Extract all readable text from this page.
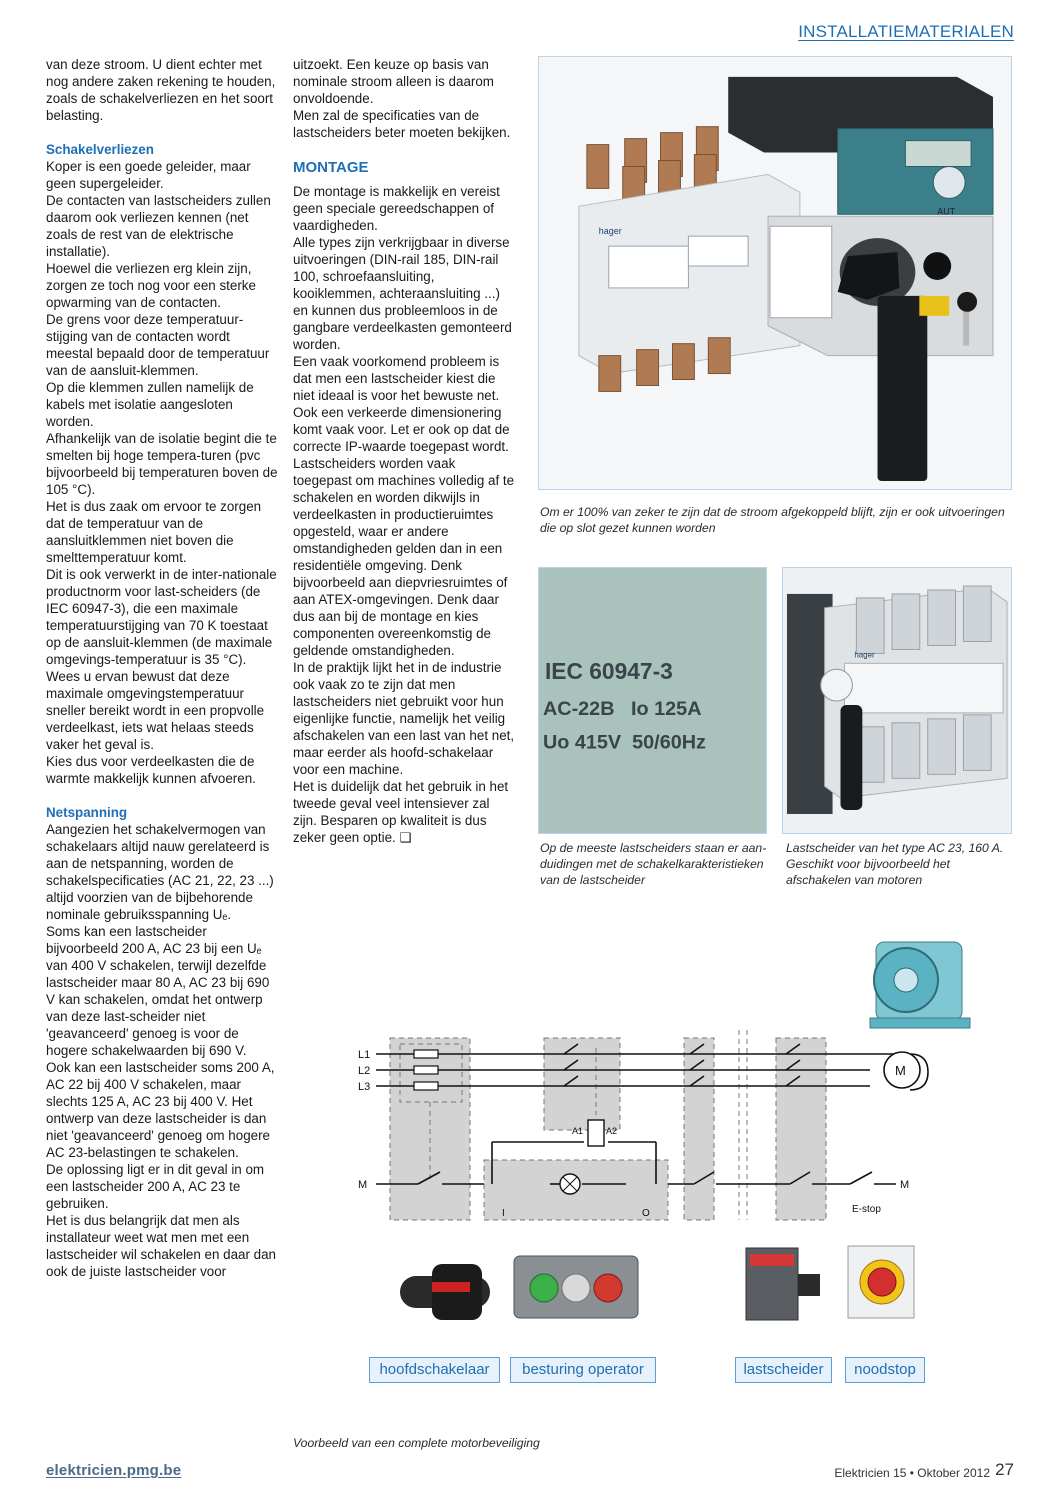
INSTALLATIEMATERIALEN

van deze stroom. U dient echter met nog andere zaken rekening te houden, zoals de schakelverliezen en het soort belasting.

Schakelverliezen

Koper is een goede geleider, maar geen supergeleider.

De contacten van lastscheiders zullen daarom ook verliezen kennen (net zoals de rest van de elektrische installatie).

Hoewel die verliezen erg klein zijn, zorgen ze toch nog voor een sterke opwarming van de contacten.

De grens voor deze temperatuur-stijging van de contacten wordt meestal bepaald door de temperatuur van de aansluit-klemmen.

Op die klemmen zullen namelijk de kabels met isolatie aangesloten worden.

Afhankelijk van de isolatie begint die te smelten bij hoge tempera-turen (pvc bijvoorbeeld bij temperaturen boven de 105 °C).

Het is dus zaak om ervoor te zorgen dat de temperatuur van de aansluitklemmen niet boven die smelttemperatuur komt.

Dit is ook verwerkt in de inter-nationale productnorm voor last-scheiders (de IEC 60947-3), die een maximale temperatuurstijging van 70 K toestaat op de aansluit-klemmen (de maximale omgevings-temperatuur is 35 °C).

Wees u ervan bewust dat deze maximale omgevingstemperatuur sneller bereikt wordt in een propvolle verdeelkast, iets wat helaas steeds vaker het geval is.

Kies dus voor verdeelkasten die de warmte makkelijk kunnen afvoeren.

Netspanning

Aangezien het schakelvermogen van schakelaars altijd nauw gerelateerd is aan de netspanning, worden de schakelspecificaties (AC 21, 22, 23 ...) altijd voorzien van de bijbehorende nominale gebruiksspanning Uₑ.

Soms kan een lastscheider bijvoorbeeld 200 A, AC 23 bij een Uₑ van 400 V schakelen, terwijl dezelfde lastscheider maar 80 A, AC 23 bij 690 V kan schakelen, omdat het ontwerp van deze last-scheider niet 'geavanceerd' genoeg is voor de hogere schakelwaarden bij 690 V.

Ook kan een lastscheider soms 200 A, AC 22 bij 400 V schakelen, maar slechts 125 A, AC 23 bij 400 V. Het ontwerp van deze lastscheider is dan niet 'geavanceerd' genoeg om hogere AC 23-belastingen te schakelen.

De oplossing ligt er in dit geval in om een lastscheider 200 A, AC 23 te gebruiken.

Het is dus belangrijk dat men als installateur weet wat men met een lastscheider wil schakelen en daar dan ook de juiste lastscheider voor

uitzoekt. Een keuze op basis van nominale stroom alleen is daarom onvoldoende.

Men zal de specificaties van de lastscheiders beter moeten bekijken.

MONTAGE

De montage is makkelijk en vereist geen speciale gereedschappen of vaardigheden.

Alle types zijn verkrijgbaar in diverse uitvoeringen (DIN-rail 185, DIN-rail 100, schroefaansluiting, kooiklemmen, achteraansluiting ...) en kunnen dus probleemloos in de gangbare verdeelkasten gemonteerd worden.

Een vaak voorkomend probleem is dat men een lastscheider kiest die niet ideaal is voor het bewuste net. Ook een verkeerde dimensionering komt vaak voor. Let er ook op dat de correcte IP-waarde toegepast wordt. Lastscheiders worden vaak toegepast om machines volledig af te schakelen en worden dikwijls in verdeelkasten in productieruimtes opgesteld, waar er andere omstandigheden gelden dan in een residentiële omgeving. Denk bijvoorbeeld aan diepvriesruimtes of aan ATEX-omgevingen. Denk daar dus aan bij de montage en kies componenten overeenkomstig de geldende omstandigheden.

In de praktijk lijkt het in de industrie ook vaak zo te zijn dat men lastscheiders niet gebruikt voor hun eigenlijke functie, namelijk het veilig afschakelen van een last van het net, maar eerder als hoofd-schakelaar voor een machine.

Het is duidelijk dat het gebruik in het tweede geval veel intensiever zal zijn. Besparen op kwaliteit is dus zeker geen optie. ❑

hager
AUT
Om er 100% van zeker te zijn dat de stroom afgekoppeld blijft, zijn er ook uitvoeringen die op slot gezet kunnen worden
IEC 60947-3
AC-22B   Io 125A
Uo 415V  50/60Hz
Op de meeste lastscheiders staan er aan-duidingen met de schakelkarakteristieken van de lastscheider
hager
Lastscheider van het type AC 23, 160 A. Geschikt voor bijvoorbeeld het afschakelen van motoren
L1
L2
L3
M	M
M
A1	A2
I	O	E-stop
hoofdschakelaar	besturing operator	lastscheider	noodstop
Voorbeeld van een complete motorbeveiliging
elektricien.pmg.be	Elektricien 15 • Oktober 2012 27
